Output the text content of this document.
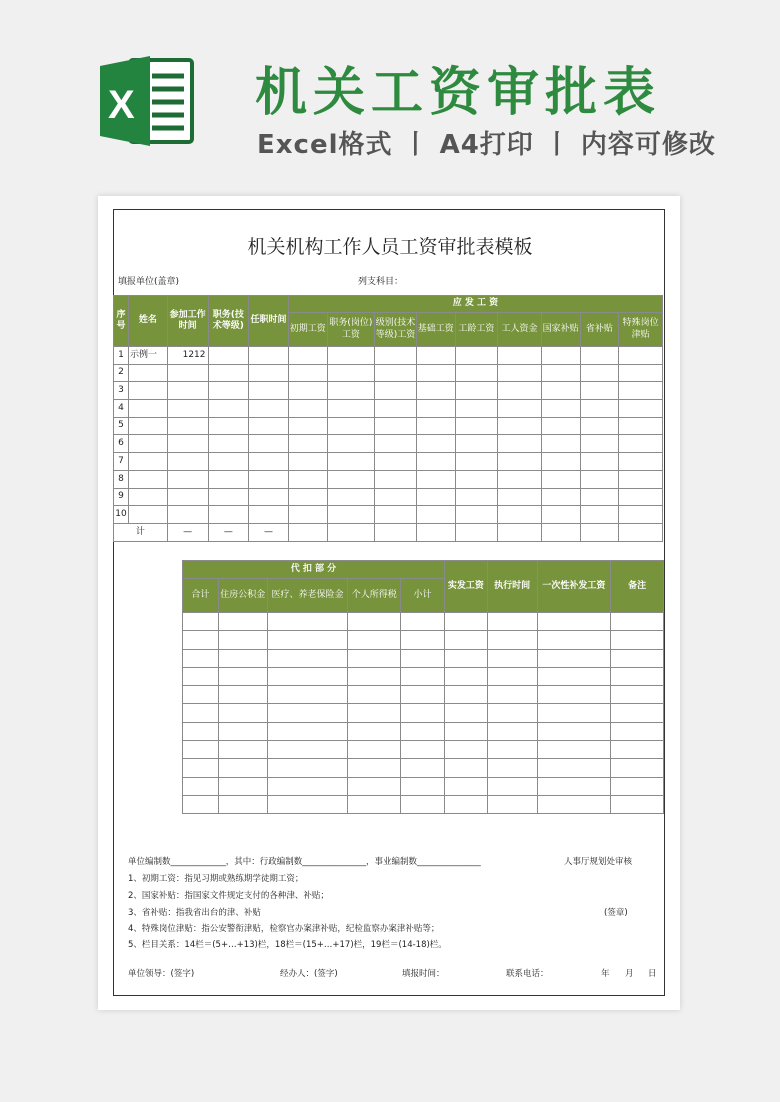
X 机关工资审批表
Excel格式 丨 A4打印 丨 内容可修改
机关机构工作人员工资审批表模板
填报单位(盖章)	列支科目：
序号	姓名	参加工作时间	职务(技术等级)	任职时间	应 发 工 资								
					初期工资	职务(岗位)工资	级别(技术等级)工资	基础工资	工龄工资	工人资金	国家补贴	省补贴	特殊岗位津贴
1	示例一	1212											
2													
3													
4													
5													
6													
7													
8													
9													
10													
计		—	—	—									
代 扣 部 分					实发工资	执行时间	一次性补发工资	备注
合计	住房公积金	医疗、养老保险金	个人所得税	小计				

单位编制数_____________，其中：行政编制数_______________，事业编制数_______________	人事厅规划处审核
1、初期工资：指见习期或熟练期学徒期工资；
2、国家补贴：指国家文件规定支付的各种津、补贴；
3、省补贴：指我省出台的津、补贴	(签章)
4、特殊岗位津贴：指公安警衔津贴，检察官办案津补贴，纪检监察办案津补贴等；
5、栏目关系：14栏＝(5+…+13)栏，18栏＝(15+…+17)栏，19栏＝(14-18)栏。
单位领导：(签字)	经办人：(签字)	填报时间：	联系电话：	年 月 日
